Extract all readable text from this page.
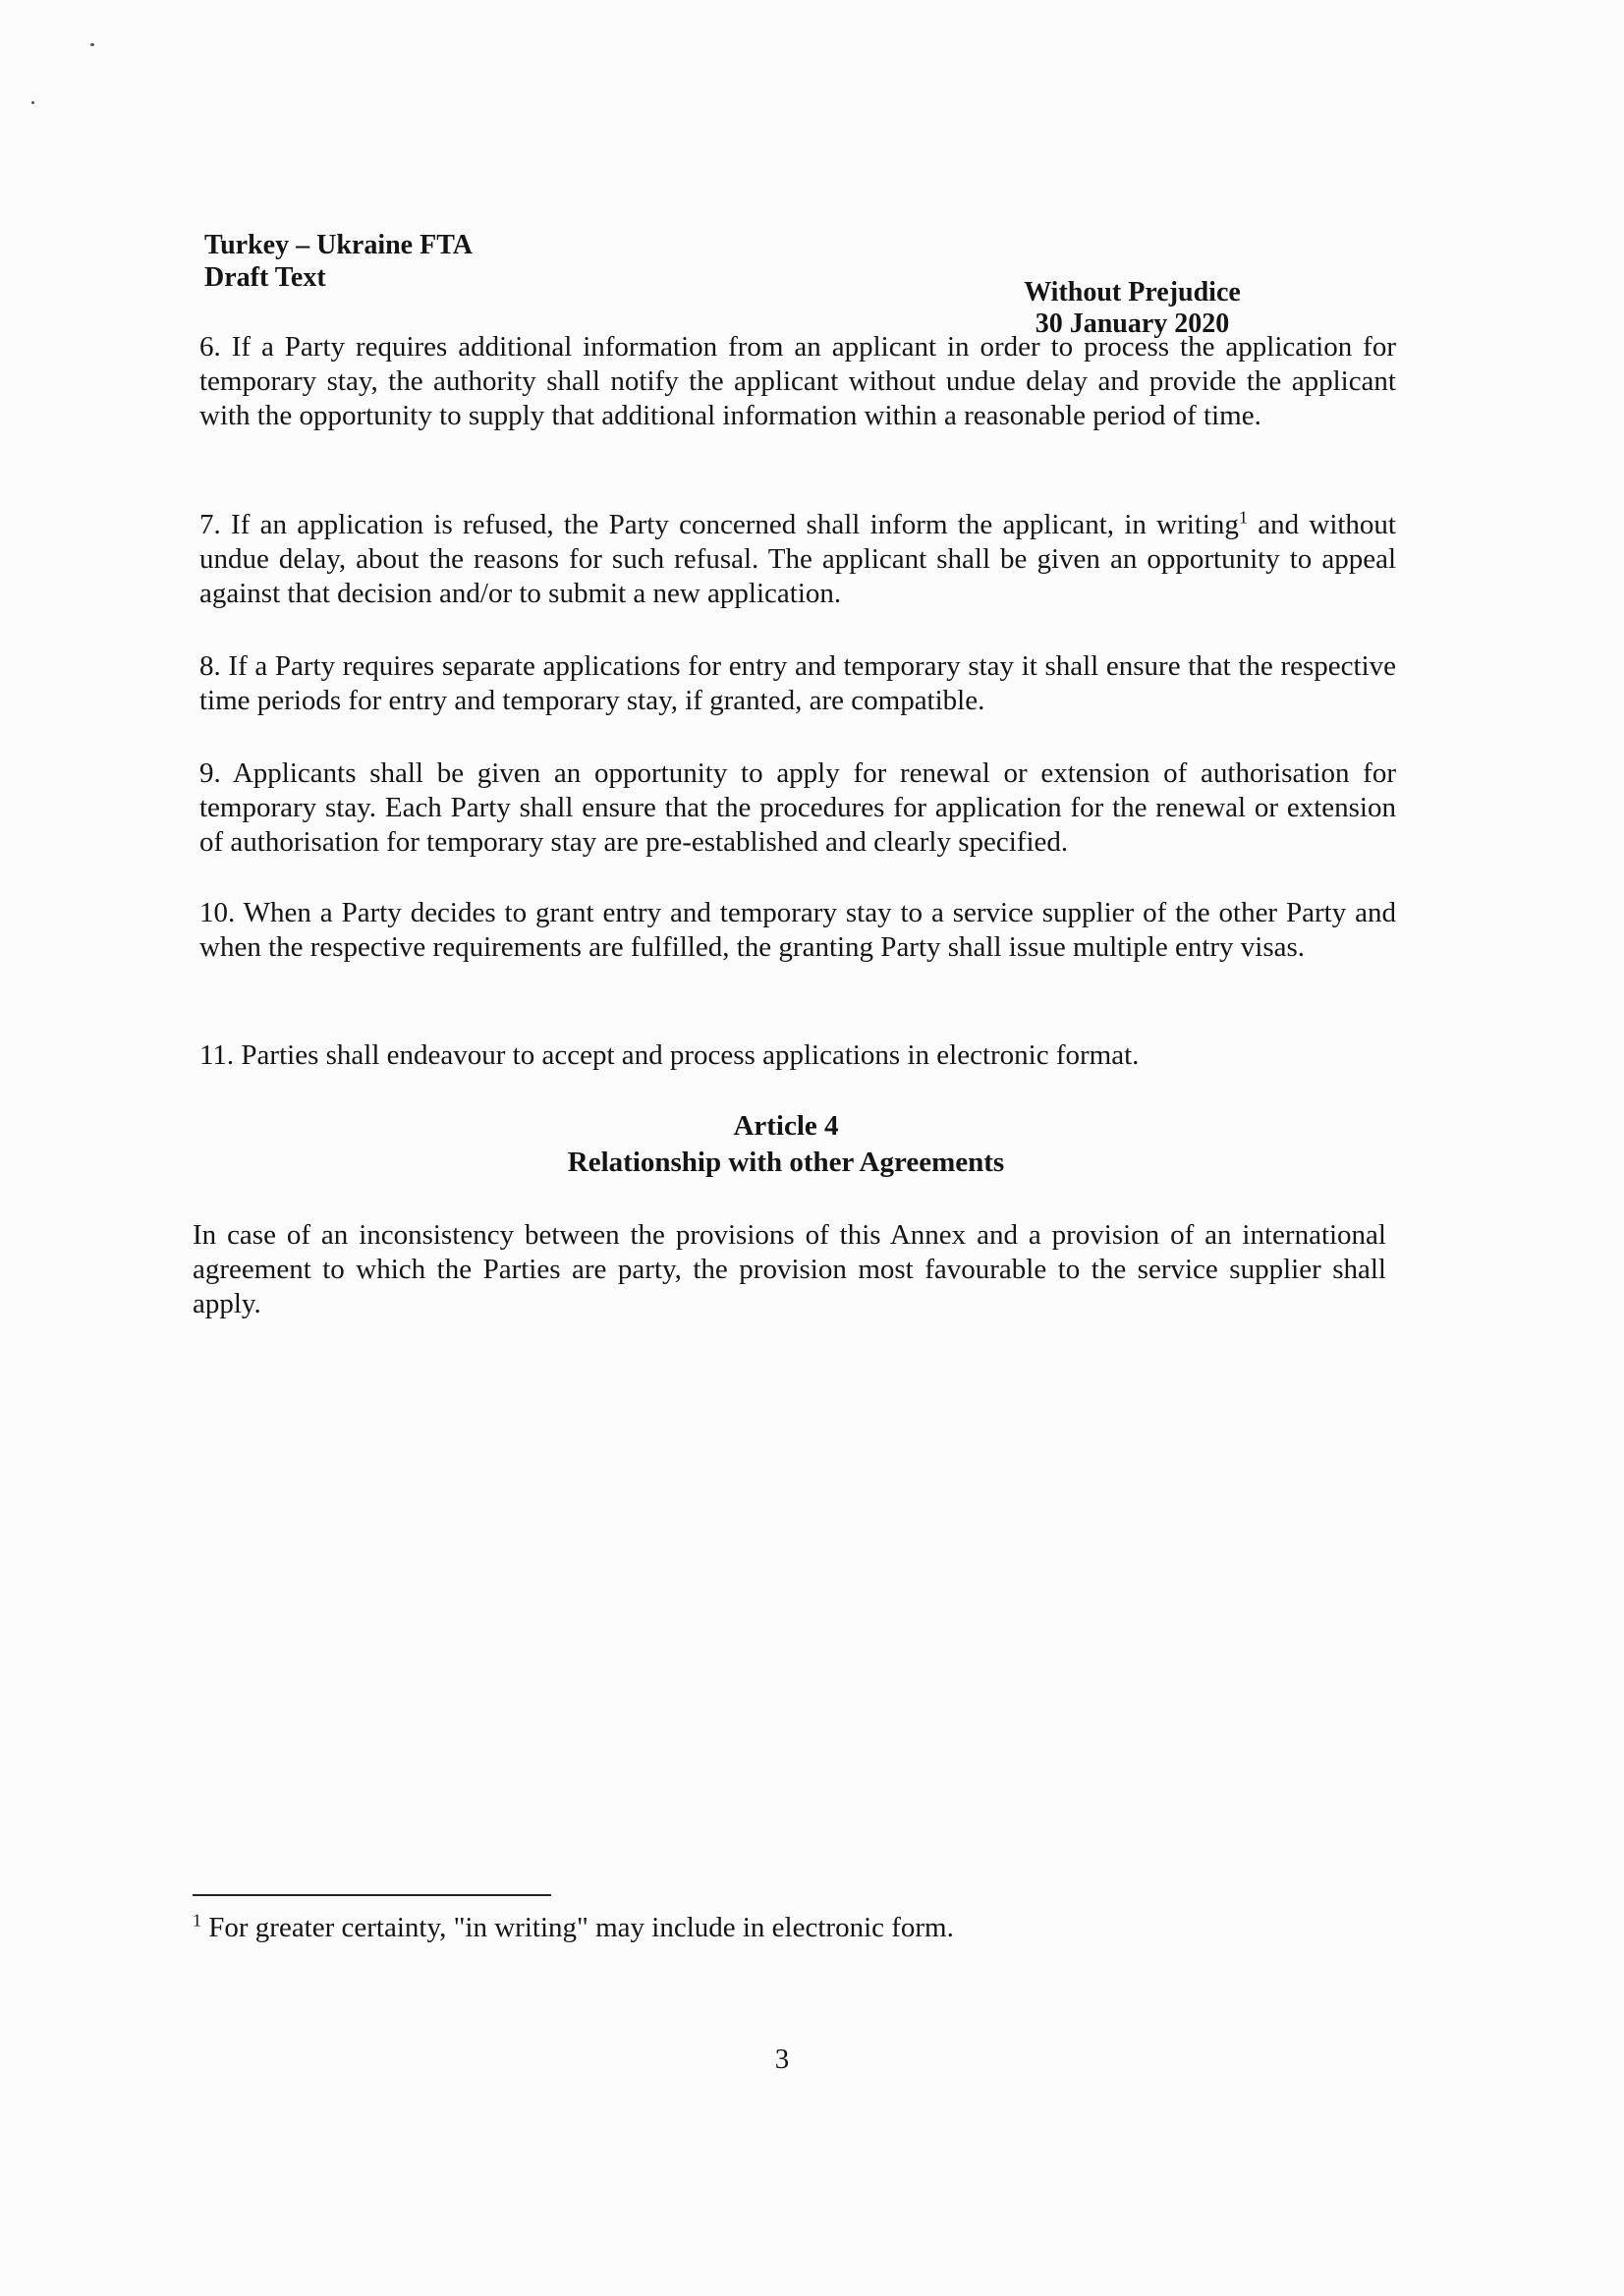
Turkey – Ukraine FTA
Draft Text	Without Prejudice
30 January 2020

6. If a Party requires additional information from an applicant in order to process the application for temporary stay, the authority shall notify the applicant without undue delay and provide the applicant with the opportunity to supply that additional information within a reasonable period of time.

7. If an application is refused, the Party concerned shall inform the applicant, in writing$^1$ and without undue delay, about the reasons for such refusal. The applicant shall be given an opportunity to appeal against that decision and/or to submit a new application.

8. If a Party requires separate applications for entry and temporary stay it shall ensure that the respective time periods for entry and temporary stay, if granted, are compatible.

9. Applicants shall be given an opportunity to apply for renewal or extension of authorisation for temporary stay. Each Party shall ensure that the procedures for application for the renewal or extension of authorisation for temporary stay are pre-established and clearly specified.

10. When a Party decides to grant entry and temporary stay to a service supplier of the other Party and when the respective requirements are fulfilled, the granting Party shall issue multiple entry visas.

11. Parties shall endeavour to accept and process applications in electronic format.

Article 4
Relationship with other Agreements

In case of an inconsistency between the provisions of this Annex and a provision of an international agreement to which the Parties are party, the provision most favourable to the service supplier shall apply.

$^1$ For greater certainty, "in writing" may include in electronic form.
3
